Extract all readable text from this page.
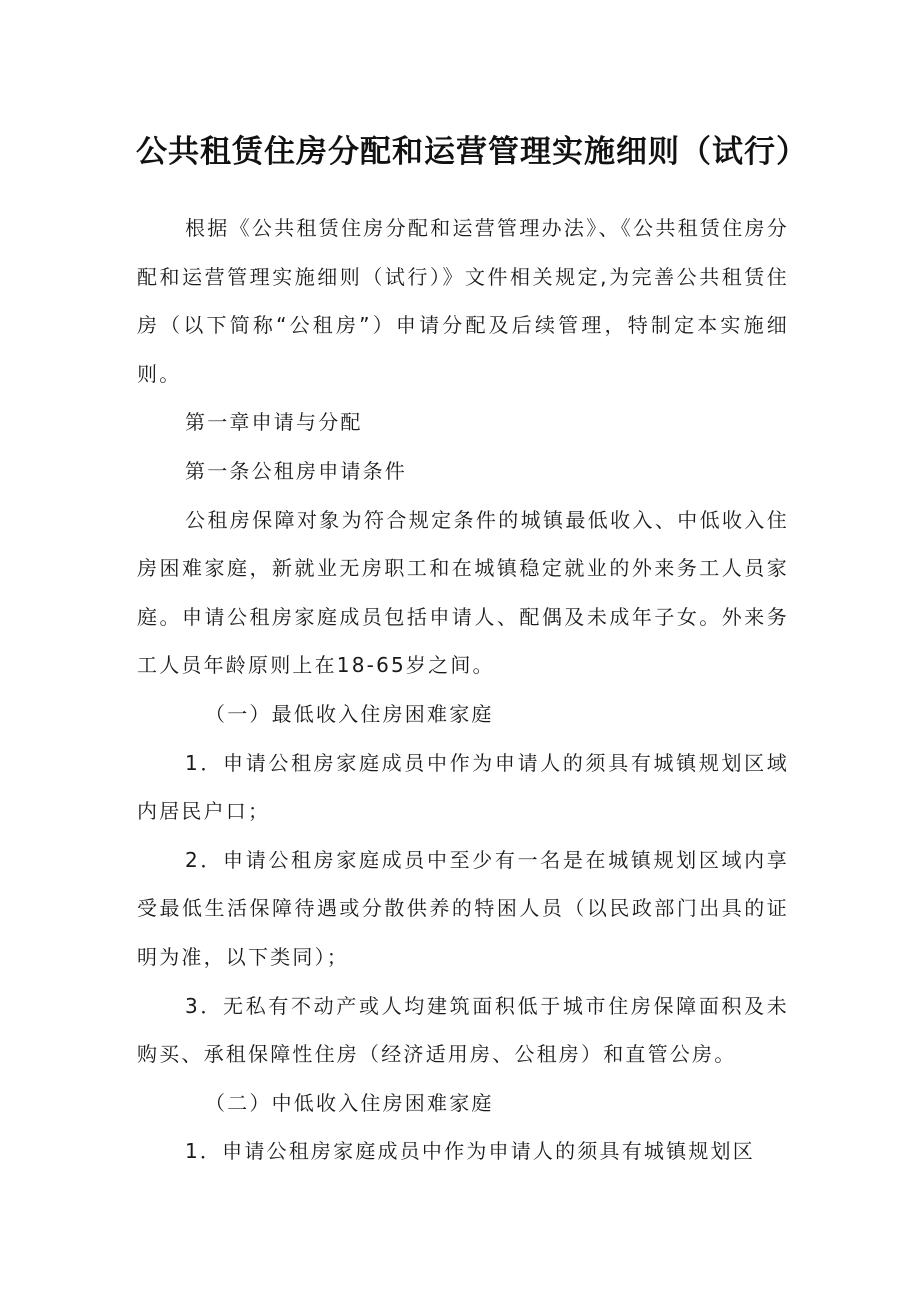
公共租赁住房分配和运营管理实施细则（试行）

根据《公共租赁住房分配和运营管理办法》、《公共租赁住房分配和运营管理实施细则（试行）》文件相关规定,为完善公共租赁住房（以下简称“公租房”）申请分配及后续管理，特制定本实施细则。

第一章申请与分配

第一条公租房申请条件

公租房保障对象为符合规定条件的城镇最低收入、中低收入住房困难家庭，新就业无房职工和在城镇稳定就业的外来务工人员家庭。申请公租房家庭成员包括申请人、配偶及未成年子女。外来务工人员年龄原则上在18-65岁之间。

（一）最低收入住房困难家庭

1．申请公租房家庭成员中作为申请人的须具有城镇规划区域内居民户口；

2．申请公租房家庭成员中至少有一名是在城镇规划区域内享受最低生活保障待遇或分散供养的特困人员（以民政部门出具的证明为准，以下类同）；

3．无私有不动产或人均建筑面积低于城市住房保障面积及未购买、承租保障性住房（经济适用房、公租房）和直管公房。

（二）中低收入住房困难家庭

1．申请公租房家庭成员中作为申请人的须具有城镇规划区
